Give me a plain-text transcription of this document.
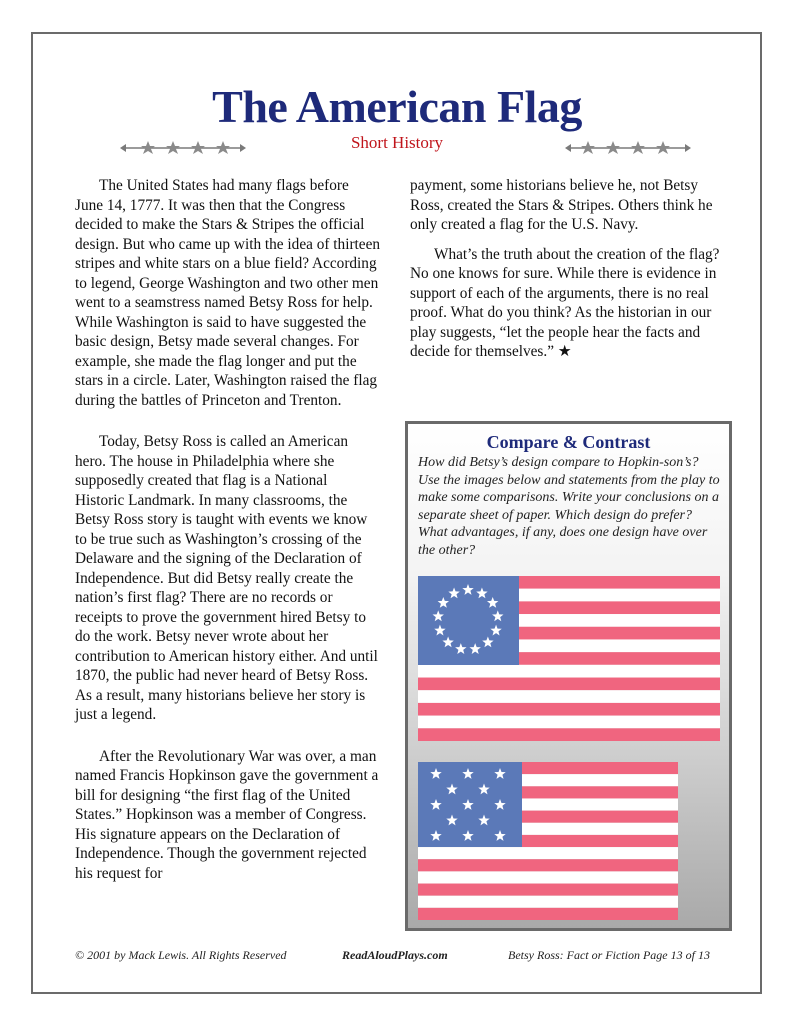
The American Flag
Short History

The United States had many flags before June 14, 1777. It was then that the Congress decided to make the Stars & Stripes the official design. But who came up with the idea of thirteen stripes and white stars on a blue field? According to legend, George Washington and two other men went to a seamstress named Betsy Ross for help. While Washington is said to have suggested the basic design, Betsy made several changes. For example, she made the flag longer and put the stars in a circle. Later, Washington raised the flag during the battles of Princeton and Trenton.

Today, Betsy Ross is called an American hero. The house in Philadelphia where she supposedly created that flag is a National Historic Landmark. In many classrooms, the Betsy Ross story is taught with events we know to be true such as Washington’s crossing of the Delaware and the signing of the Declaration of Independence. But did Betsy really create the nation’s first flag? There are no records or receipts to prove the government hired Betsy to do the work. Betsy never wrote about her contribution to American history either. And until 1870, the public had never heard of Betsy Ross. As a result, many historians believe her story is just a legend.

After the Revolutionary War was over, a man named Francis Hopkinson gave the government a bill for designing “the first flag of the United States.” Hopkinson was a member of Congress. His signature appears on the Declaration of Independence. Though the government rejected his request for

payment, some historians believe he, not Betsy Ross, created the Stars & Stripes. Others think he only created a flag for the U.S. Navy.

What’s the truth about the creation of the flag? No one knows for sure. While there is evidence in support of each of the arguments, there is no real proof. What do you think? As the historian in our play suggests, “let the people hear the facts and decide for themselves.” ★

Compare & Contrast
How did Betsy’s design compare to Hopkin-son’s? Use the images below and statements from the play to make some comparisons. Write your conclusions on a separate sheet of paper. Which design do prefer? What advantages, if any, does one design have over the other?
© 2001 by Mack Lewis. All Rights Reserved	ReadAloudPlays.com	Betsy Ross: Fact or Fiction Page 13 of 13
